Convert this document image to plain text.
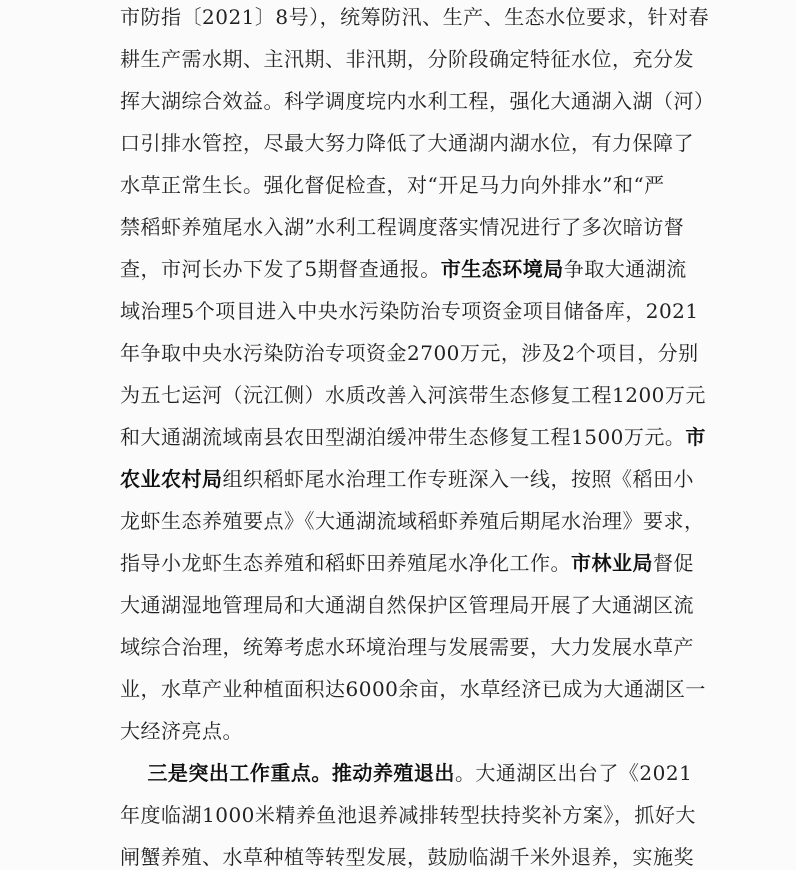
市防指〔2021〕8号），统筹防汛、生产、生态水位要求，针对春
耕生产需水期、主汛期、非汛期，分阶段确定特征水位，充分发
挥大湖综合效益。科学调度垸内水利工程，强化大通湖入湖（河）
口引排水管控，尽最大努力降低了大通湖内湖水位，有力保障了
水草正常生长。强化督促检查，对“开足马力向外排水”和“严
禁稻虾养殖尾水入湖”水利工程调度落实情况进行了多次暗访督
查，市河长办下发了5期督查通报。市生态环境局争取大通湖流
域治理5个项目进入中央水污染防治专项资金项目储备库，2021
年争取中央水污染防治专项资金2700万元，涉及2个项目，分别
为五七运河（沅江侧）水质改善入河滨带生态修复工程1200万元
和大通湖流域南县农田型湖泊缓冲带生态修复工程1500万元。市
农业农村局组织稻虾尾水治理工作专班深入一线，按照《稻田小
龙虾生态养殖要点》《大通湖流域稻虾养殖后期尾水治理》要求，
指导小龙虾生态养殖和稻虾田养殖尾水净化工作。市林业局督促
大通湖湿地管理局和大通湖自然保护区管理局开展了大通湖区流
域综合治理，统筹考虑水环境治理与发展需要，大力发展水草产
业，水草产业种植面积达6000余亩，水草经济已成为大通湖区一
大经济亮点。
三是突出工作重点。推动养殖退出。大通湖区出台了《2021
年度临湖1000米精养鱼池退养减排转型扶持奖补方案》，抓好大
闸蟹养殖、水草种植等转型发展，鼓励临湖千米外退养，实施奖
